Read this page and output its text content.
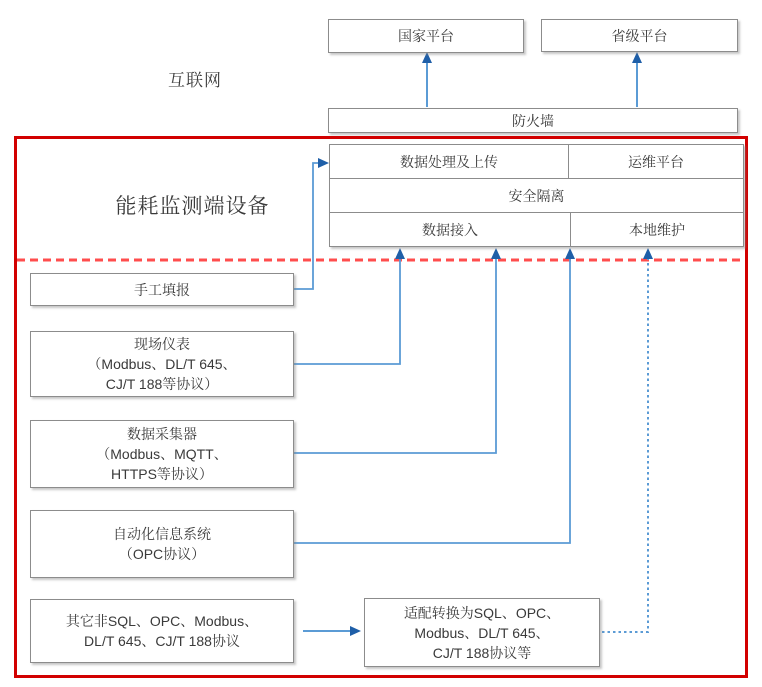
国家平台	省级平台
互联网
防火墙
能耗监测端设备
数据处理及上传	运维平台
安全隔离
数据接入	本地维护
手工填报
现场仪表
（Modbus、DL/T 645、
CJ/T 188等协议）
数据采集器
（Modbus、MQTT、
HTTPS等协议）
自动化信息系统
（OPC协议）
其它非SQL、OPC、Modbus、
DL/T 645、CJ/T 188协议
适配转换为SQL、OPC、
Modbus、DL/T 645、
CJ/T 188协议等
